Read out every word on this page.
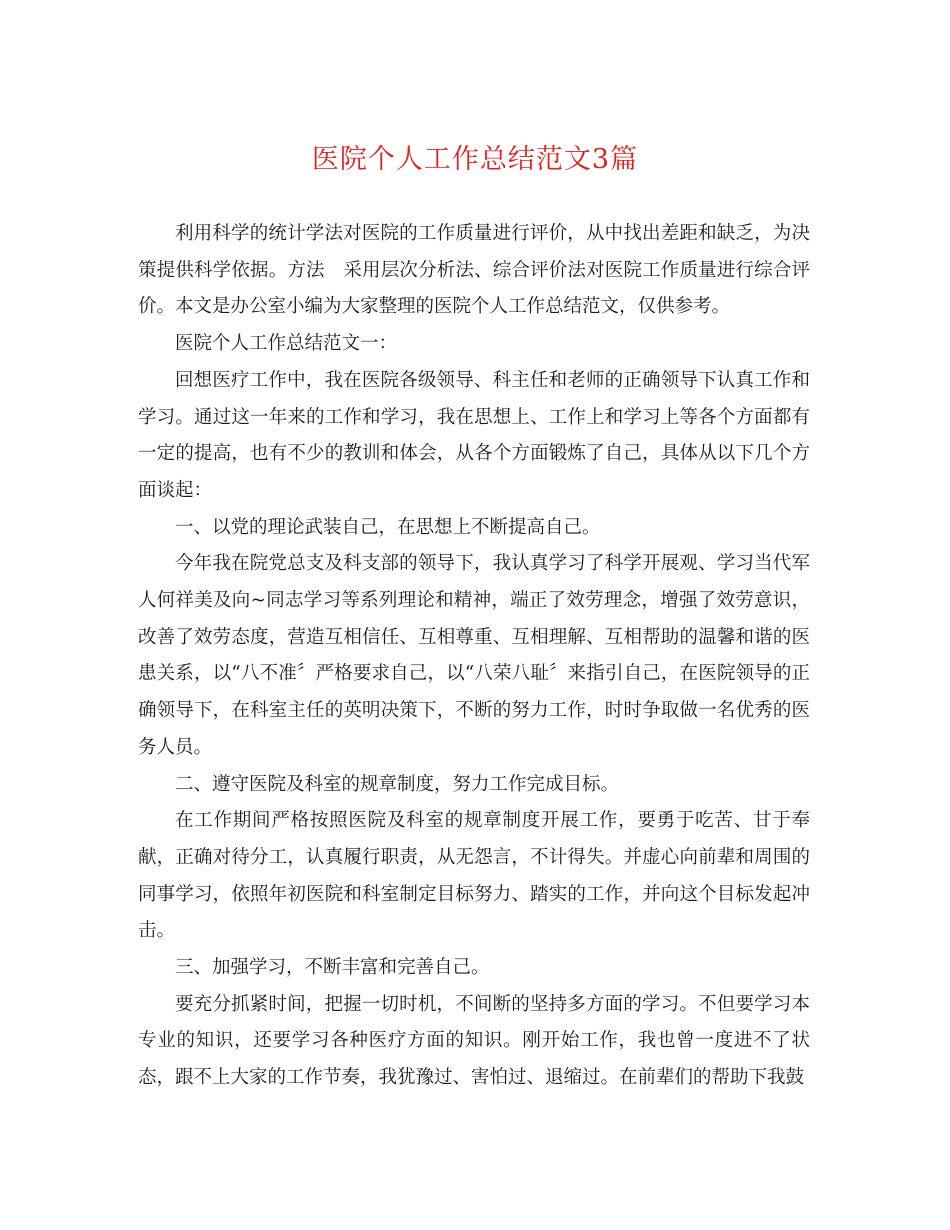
医院个人工作总结范文3篇

利用科学的统计学法对医院的工作质量进行评价，从中找出差距和缺乏，为决策提供科学依据。方法　采用层次分析法、综合评价法对医院工作质量进行综合评价。本文是办公室小编为大家整理的医院个人工作总结范文，仅供参考。

医院个人工作总结范文一：

回想医疗工作中，我在医院各级领导、科主任和老师的正确领导下认真工作和学习。通过这一年来的工作和学习，我在思想上、工作上和学习上等各个方面都有一定的提高，也有不少的教训和体会，从各个方面锻炼了自己，具体从以下几个方面谈起：

一、以党的理论武装自己，在思想上不断提高自己。

今年我在院党总支及科支部的领导下，我认真学习了科学开展观、学习当代军人何祥美及向~同志学习等系列理论和精神，端正了效劳理念，增强了效劳意识，改善了效劳态度，营造互相信任、互相尊重、互相理解、互相帮助的温馨和谐的医患关系，以“八不准〞严格要求自己，以“八荣八耻〞来指引自己，在医院领导的正确领导下，在科室主任的英明决策下，不断的努力工作，时时争取做一名优秀的医务人员。

二、遵守医院及科室的规章制度，努力工作完成目标。

在工作期间严格按照医院及科室的规章制度开展工作，要勇于吃苦、甘于奉献，正确对待分工，认真履行职责，从无怨言，不计得失。并虚心向前辈和周围的同事学习，依照年初医院和科室制定目标努力、踏实的工作，并向这个目标发起冲击。

三、加强学习，不断丰富和完善自己。

要充分抓紧时间，把握一切时机，不间断的坚持多方面的学习。不但要学习本专业的知识，还要学习各种医疗方面的知识。刚开始工作，我也曾一度进不了状态，跟不上大家的工作节奏，我犹豫过、害怕过、退缩过。在前辈们的帮助下我鼓
